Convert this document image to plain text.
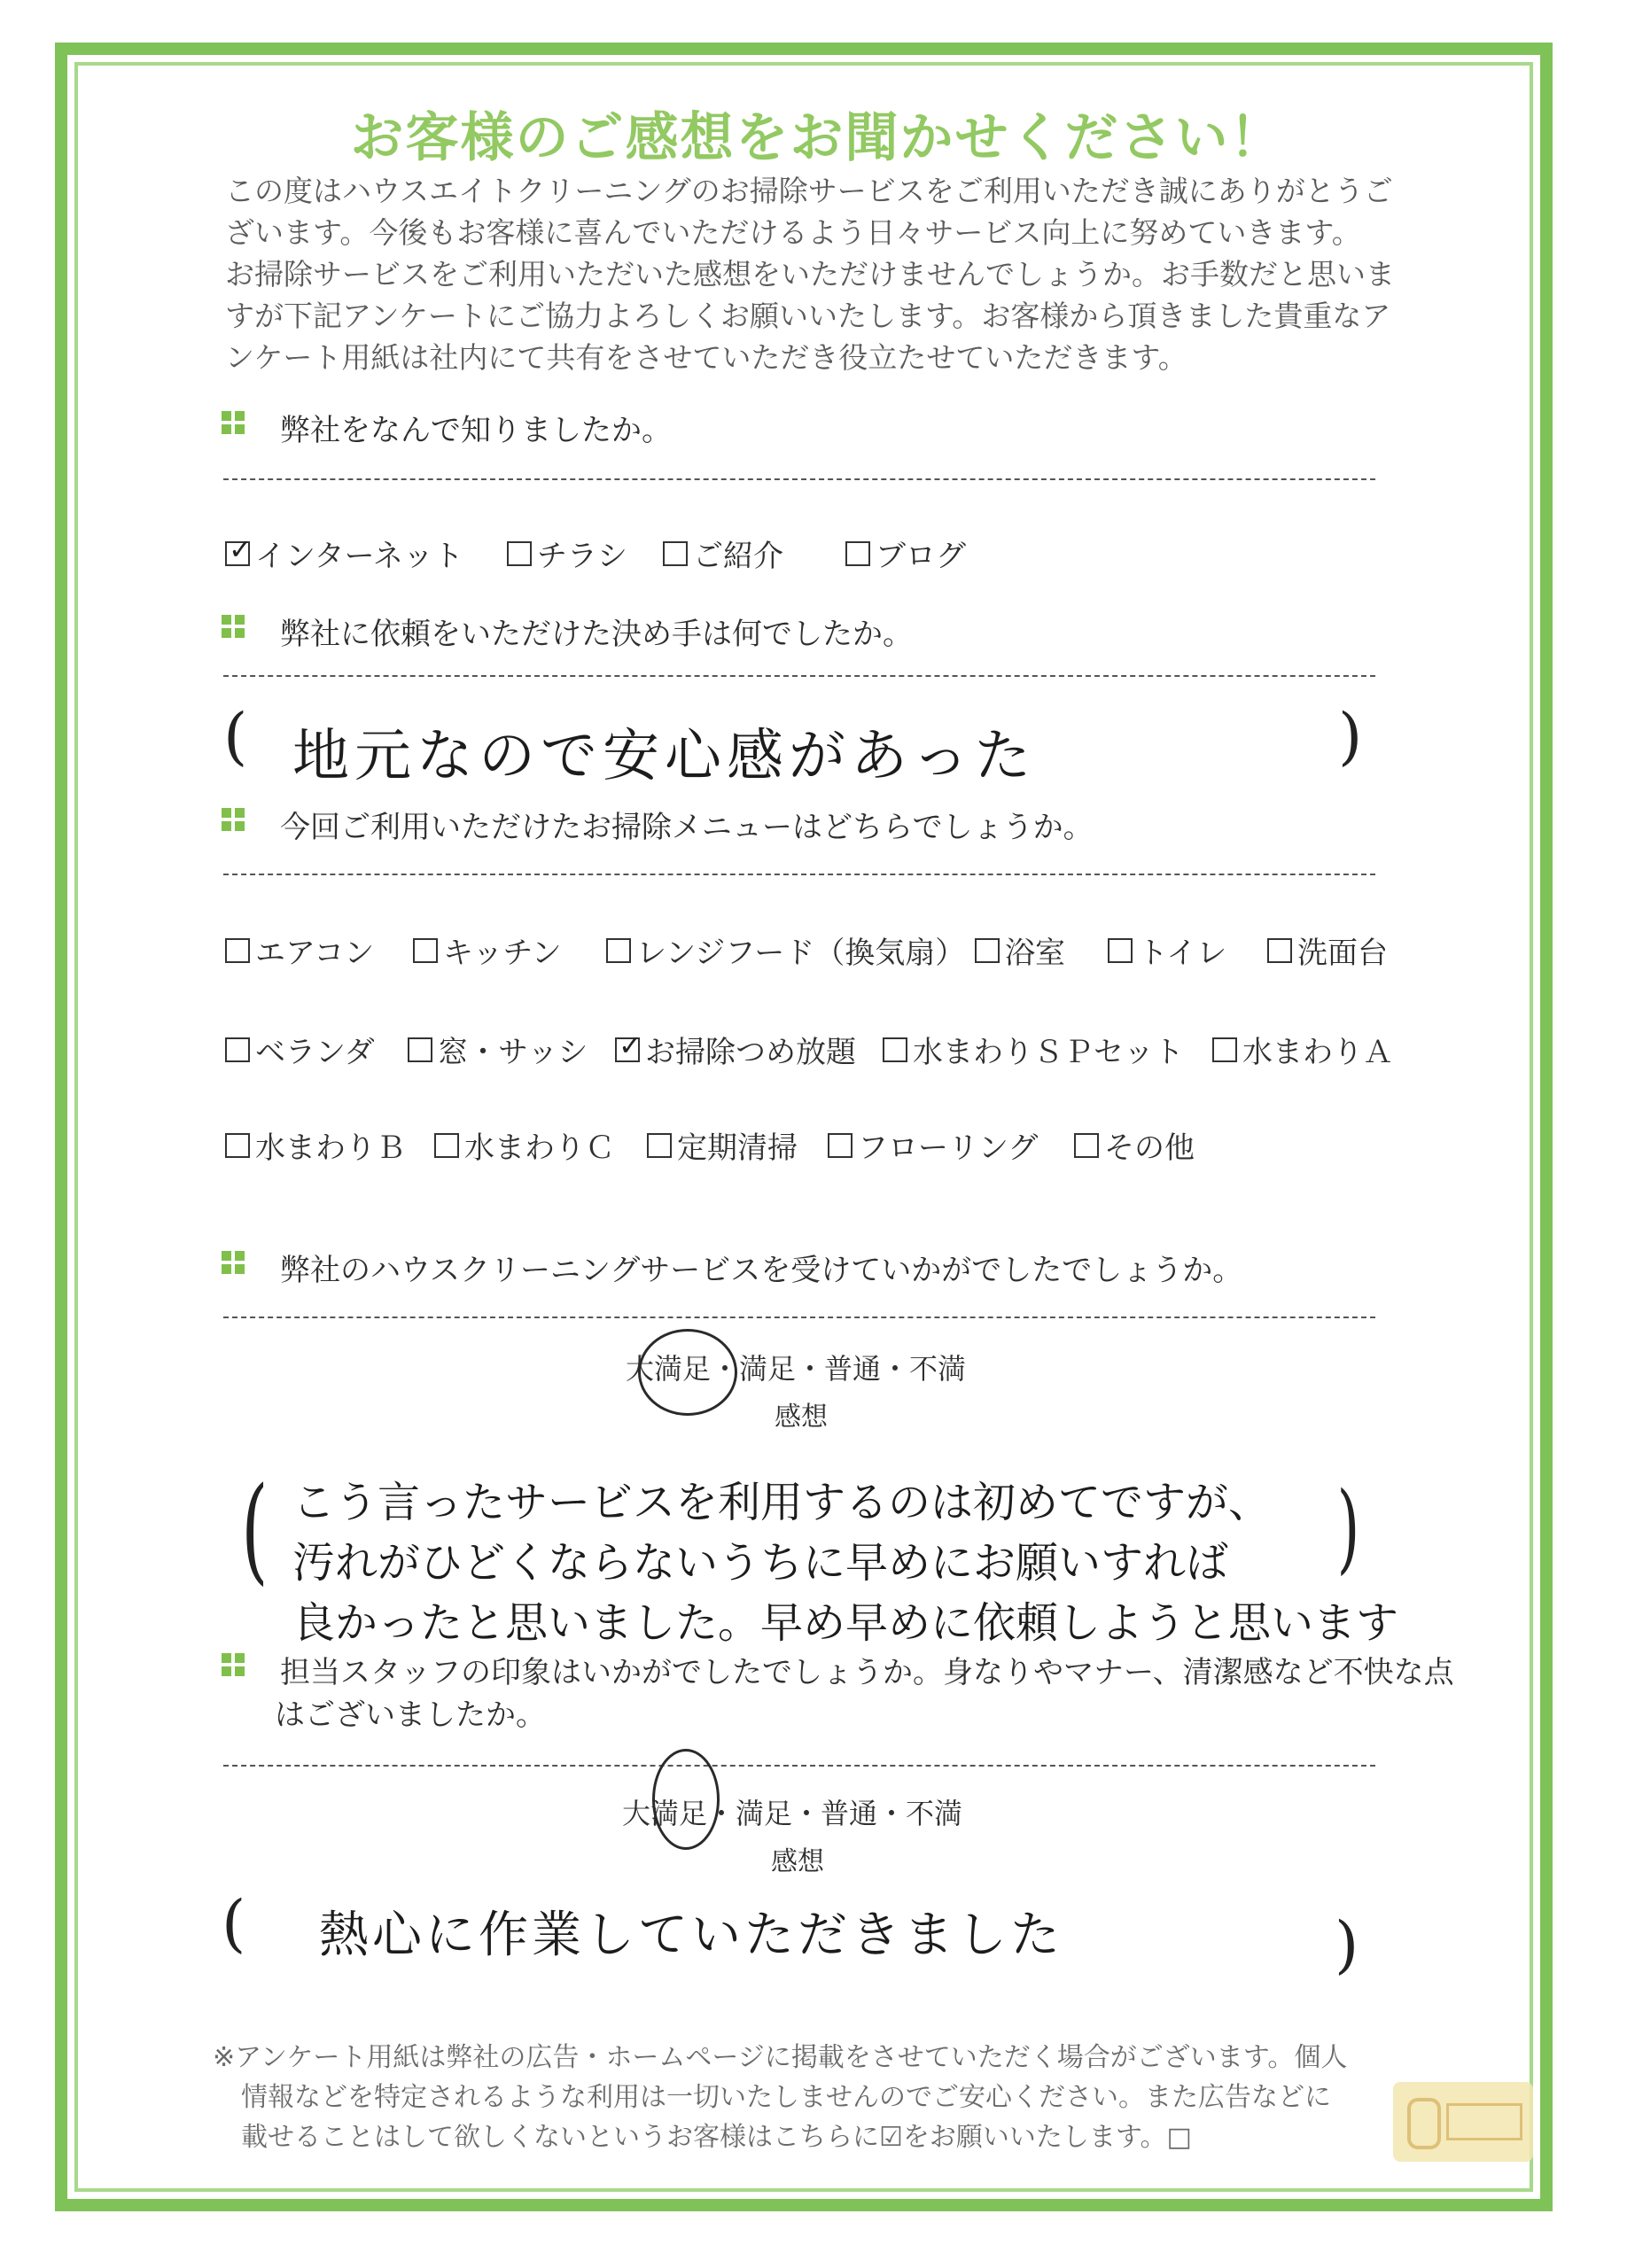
お客様のご感想をお聞かせください！
この度はハウスエイトクリーニングのお掃除サービスをご利用いただき誠にありがとうご
ざいます。今後もお客様に喜んでいただけるよう日々サービス向上に努めていきます。
お掃除サービスをご利用いただいた感想をいただけませんでしょうか。お手数だと思いま
すが下記アンケートにご協力よろしくお願いいたします。お客様から頂きました貴重なア
ンケート用紙は社内にて共有をさせていただき役立たせていただきます。
弊社をなんで知りましたか。
✓
インターネット チラシ ご紹介	ブログ
弊社に依頼をいただけた決め手は何でしたか。
( 地元なので安心感があった	)
今回ご利用いただけたお掃除メニューはどちらでしょうか。
エアコン キッチン レンジフード（換気扇） 浴室 トイレ 洗面台
ベランダ 窓・サッシ
✓ お掃除つめ放題 水まわりＳＰセット 水まわりＡ
水まわりＢ 水まわりＣ 定期清掃 フローリング その他
弊社のハウスクリーニングサービスを受けていかがでしたでしょうか。
大満足・満足・普通・不満
感想
( こう言ったサービスを利用するのは初めてですが、
汚れがひどくならないうちに早めにお願いすれば
良かったと思いました。早め早めに依頼しようと思います
)
担当スタッフの印象はいかがでしたでしょうか。身なりやマナー、清潔感など不快な点
はございましたか。
大満足・満足・普通・不満
感想
( 熱心に作業していただきました	)
※アンケート用紙は弊社の広告・ホームページに掲載をさせていただく場合がございます。個人
情報などを特定されるような利用は一切いたしませんのでご安心ください。また広告などに
載せることはして欲しくないというお客様はこちらに☑をお願いいたします。□
